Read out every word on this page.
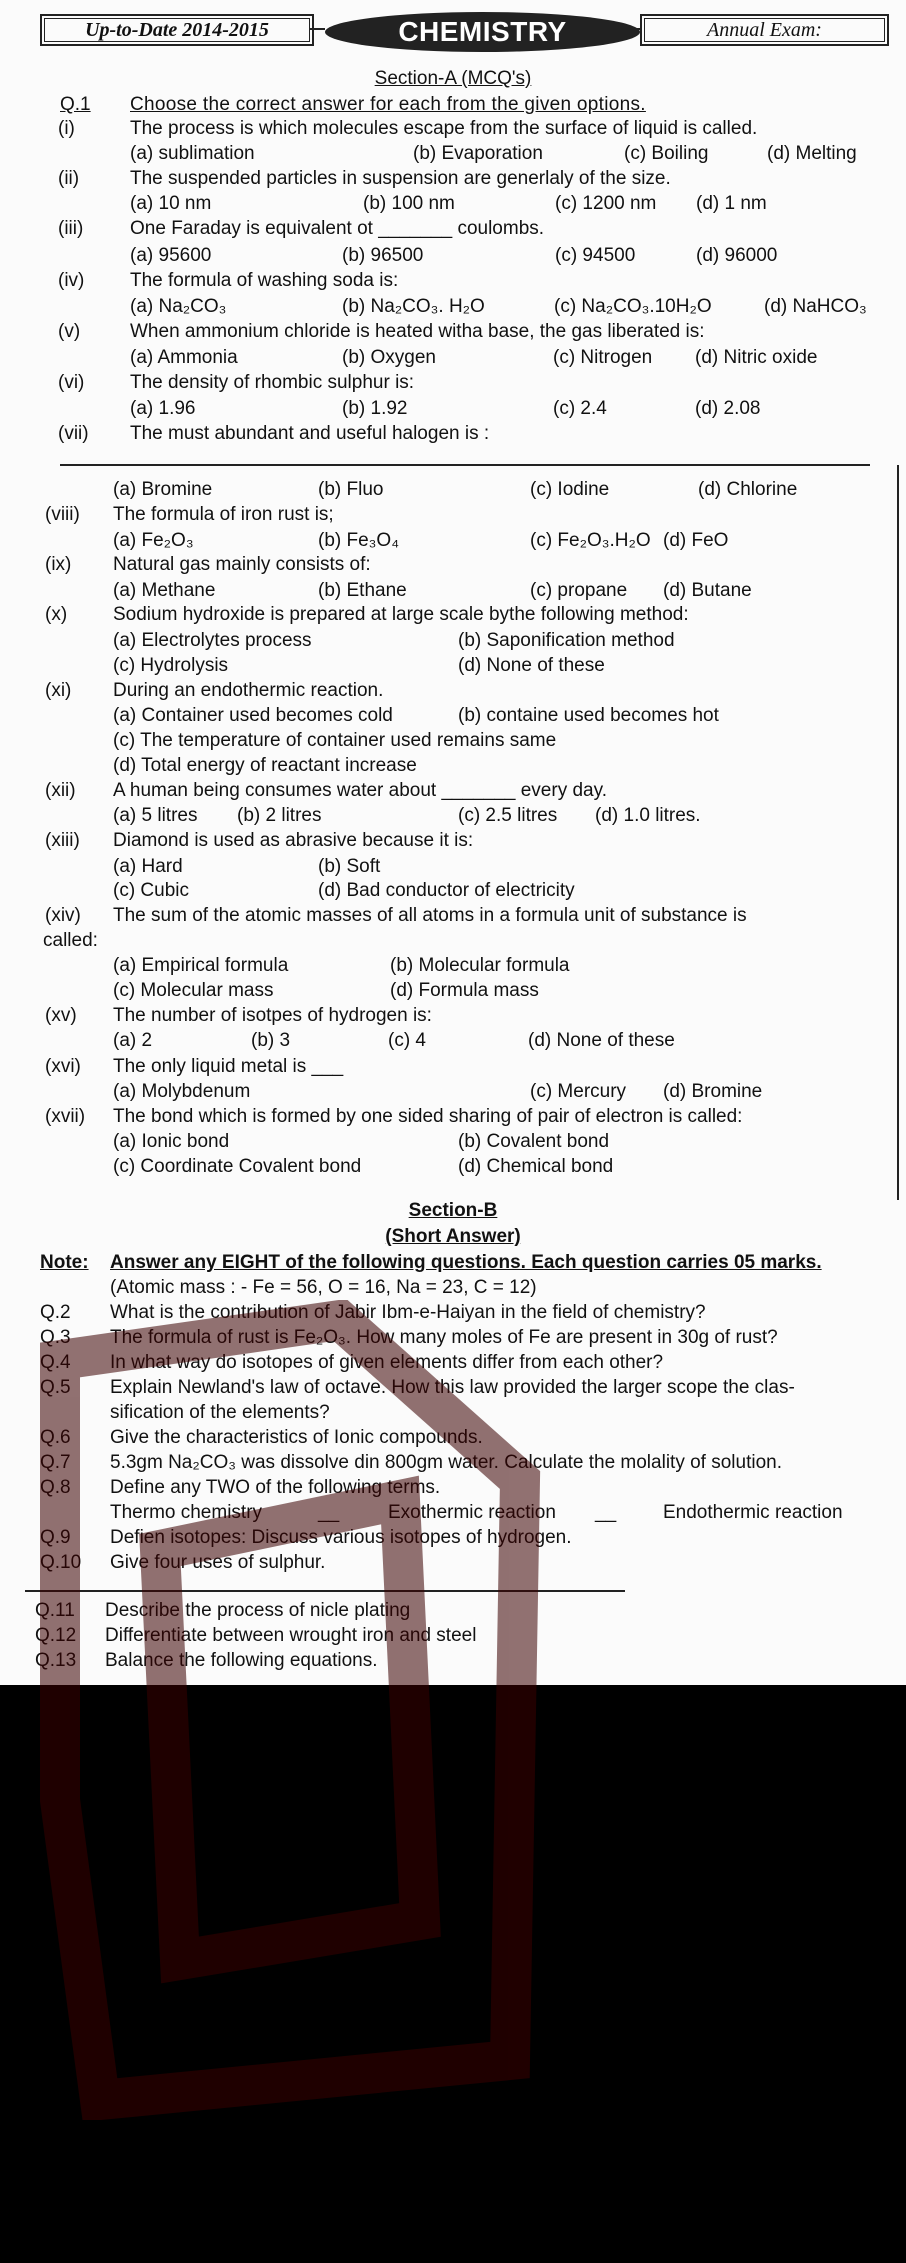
Up-to-Date 2014-2015	CHEMISTRY	Annual Exam:
Section-A (MCQ's)
Q.1 Choose the correct answer for each from the given options.
Section-B
(Short Answer)
Note: Answer any EIGHT of the following questions. Each question carries 05 marks.
(Atomic mass : - Fe = 56, O = 16, Na = 23, C = 12)
(i)	The process is which molecules escape from the surface of liquid is called.
(a) sublimation	(b) Evaporation	(c) Boiling	(d) Melting
(ii)	The suspended particles in suspension are generlaly of the size.
(a) 10 nm	(b) 100 nm	(c) 1200 nm (d) 1 nm
(iii) One Faraday is equivalent ot _______ coulombs.
(a) 95600	(b) 96500	(c) 94500	(d) 96000
(iv) The formula of washing soda is:
(a) Na₂CO₃	(b) Na₂CO₃. H₂O	(c) Na₂CO₃.10H₂O	(d) NaHCO₃
(v)	When ammonium chloride is heated witha base, the gas liberated is:
(a) Ammonia	(b) Oxygen	(c) Nitrogen (d) Nitric oxide
(vi) The density of rhombic sulphur is:
(a) 1.96	(b) 1.92	(c) 2.4	(d) 2.08
(vii) The must abundant and useful halogen is :
(a) Bromine	(b) Fluo	(c) Iodine	(d) Chlorine
(viii) The formula of iron rust is;
(a) Fe₂O₃	(b) Fe₃O₄	(c) Fe₂O₃.H₂O (d) FeO
(ix) Natural gas mainly consists of:
(a) Methane	(b) Ethane	(c) propane (d) Butane
(x) Sodium hydroxide is prepared at large scale bythe following method:
(a) Electrolytes process	(b) Saponification method
(c) Hydrolysis	(d) None of these
(xi) During an endothermic reaction.
(a) Container used becomes cold	(b) containe used becomes hot
(c) The temperature of container used remains same
(d) Total energy of reactant increase
(xii) A human being consumes water about _______ every day.
(a) 5 litres (b) 2 litres	(c) 2.5 litres (d) 1.0 litres.
(xiii) Diamond is used as abrasive because it is:
(a) Hard	(b) Soft
(c) Cubic	(d) Bad conductor of electricity
(xiv) The sum of the atomic masses of all atoms in a formula unit of substance is
called:
(a) Empirical formula	(b) Molecular formula
(c) Molecular mass	(d) Formula mass
(xv) The number of isotpes of hydrogen is:
(a) 2	(b) 3	(c) 4	(d) None of these
(xvi) The only liquid metal is ___
(a) Molybdenum	(c) Mercury (d) Bromine
(xvii) The bond which is formed by one sided sharing of pair of electron is called:
(a) Ionic bond	(b) Covalent bond
(c) Coordinate Covalent bond	(d) Chemical bond
Q.2 What is the contribution of Jabir Ibm-e-Haiyan in the field of chemistry?
Q.3 The formula of rust is Fe₂O₃. How many moles of Fe are present in 30g of rust?
Q.4 In what way do isotopes of given elements differ from each other?
Q.5 Explain Newland's law of octave. How this law provided the larger scope the clas-
sification of the elements?
Q.6 Give the characteristics of Ionic compounds.
Q.7 5.3gm Na₂CO₃ was dissolve din 800gm water. Calculate the molality of solution.
Q.8 Define any TWO of the following terms.
Q.9 Defien isotopes: Discuss various isotopes of hydrogen.
Q.10 Give four uses of sulphur.
Q.11 Describe the process of nicle plating
Q.12 Differentiate between wrought iron and steel
Q.13 Balance the following equations.
Thermo chemistry	__	Exothermic reaction __ Endothermic reaction
